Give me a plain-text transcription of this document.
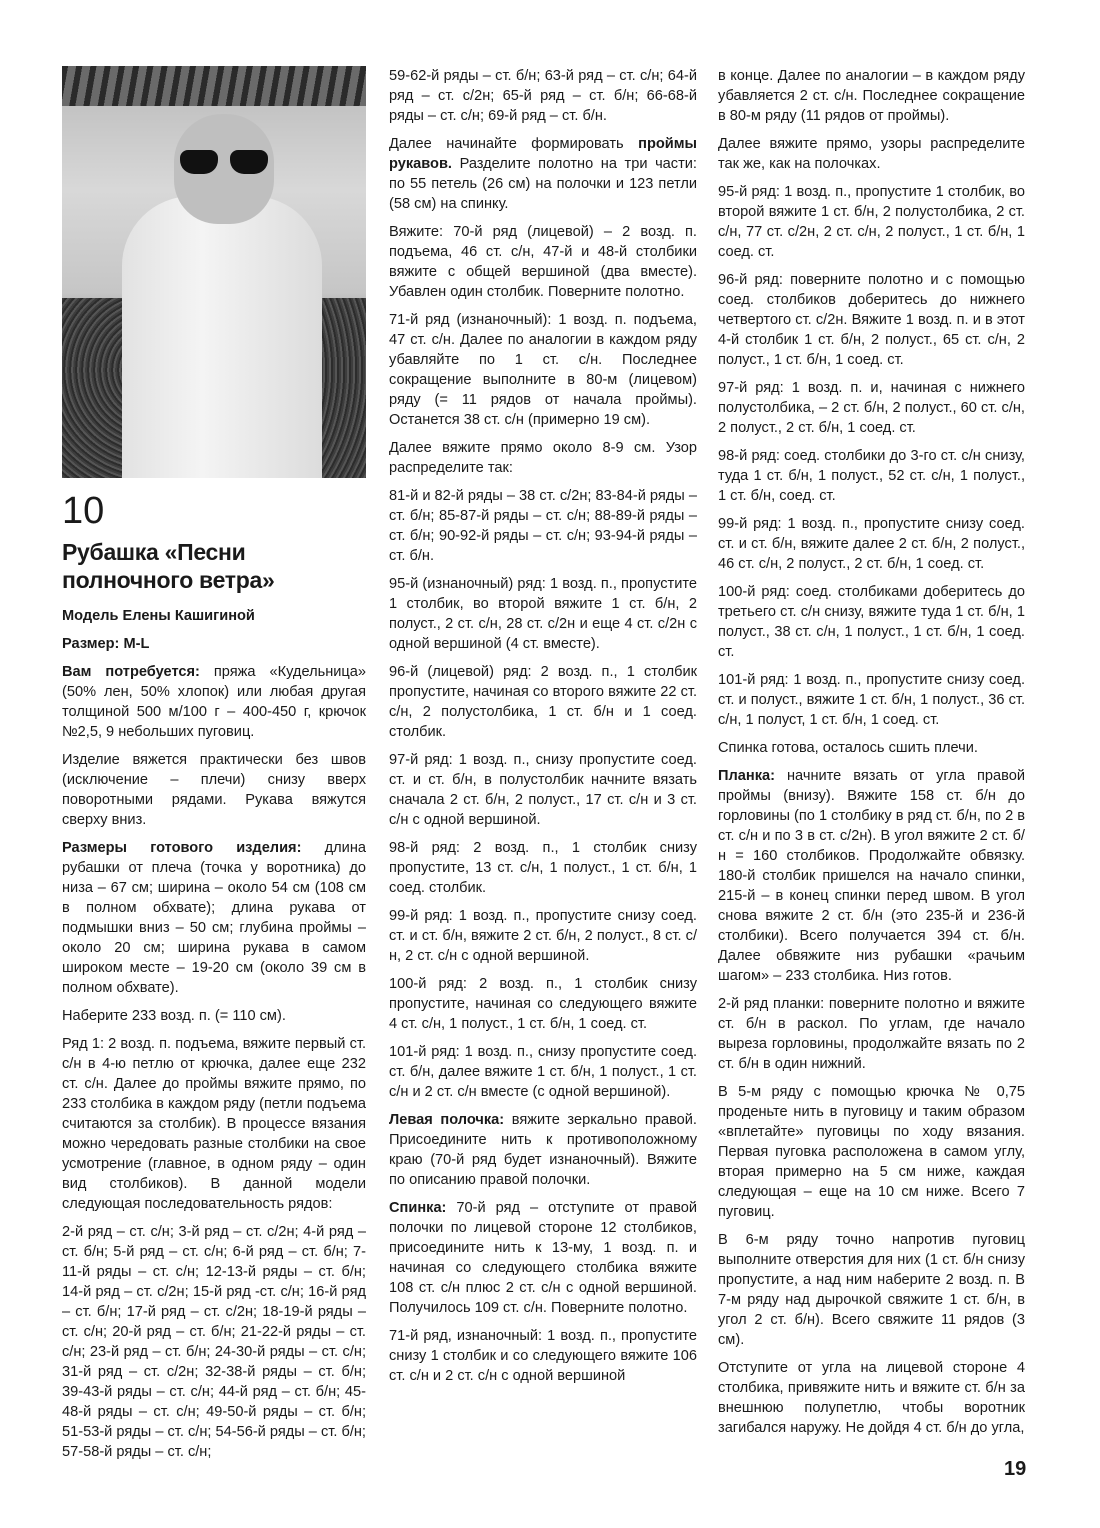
10
Рубашка «Песни
полночного ветра»

Модель Елены Кашигиной

Размер: M-L

Вам потребуется: пряжа «Кудельница» (50% лен, 50% хлопок) или любая другая толщиной 500 м/100 г – 400-450 г, крючок №2,5, 9 небольших пуговиц.

Изделие вяжется практически без швов (исключение – плечи) снизу вверх поворотными рядами. Рукава вяжутся сверху вниз.

Размеры готового изделия: длина рубашки от плеча (точка у воротника) до низа – 67 см; ширина – около 54 см (108 см в полном обхвате); длина рукава от подмышки вниз – 50 см; глубина проймы – около 20 см; ширина рукава в самом широком месте – 19-20 см (около 39 см в полном обхвате).

Наберите 233 возд. п. (= 110 см).

Ряд 1: 2 возд. п. подъема, вяжите первый ст. с/н в 4-ю петлю от крючка, далее еще 232 ст. с/н. Далее до проймы вяжите прямо, по 233 столбика в каждом ряду (петли подъема считаются за столбик). В процессе вязания можно чередовать разные столбики на свое усмотрение (главное, в одном ряду – один вид столбиков). В данной модели следующая последовательность рядов:

2-й ряд – ст. с/н; 3-й ряд – ст. с/2н; 4-й ряд – ст. б/н; 5-й ряд – ст. с/н; 6-й ряд – ст. б/н; 7-11-й ряды – ст. с/н; 12-13-й ряды – ст. б/н; 14-й ряд – ст. с/2н; 15-й ряд -ст. с/н; 16-й ряд – ст. б/н; 17-й ряд – ст. с/2н; 18-19-й ряды – ст. с/н; 20-й ряд – ст. б/н; 21-22-й ряды – ст. с/н; 23-й ряд – ст. б/н; 24-30-й ряды – ст. с/н; 31-й ряд – ст. с/2н; 32-38-й ряды – ст. б/н; 39-43-й ряды – ст. с/н; 44-й ряд – ст. б/н; 45-48-й ряды – ст. с/н; 49-50-й ряды – ст. б/н; 51-53-й ряды – ст. с/н; 54-56-й ряды – ст. б/н; 57-58-й ряды – ст. с/н;

59-62-й ряды – ст. б/н; 63-й ряд – ст. с/н; 64-й ряд – ст. с/2н; 65-й ряд – ст. б/н; 66-68-й ряды – ст. с/н; 69-й ряд – ст. б/н.

Далее начинайте формировать проймы рукавов. Разделите полотно на три части: по 55 петель (26 см) на полочки и 123 петли (58 см) на спинку.

Вяжите: 70-й ряд (лицевой) – 2 возд. п. подъема, 46 ст. с/н, 47-й и 48-й столбики вяжите с общей вершиной (два вместе). Убавлен один столбик. Поверните полотно.

71-й ряд (изнаночный): 1 возд. п. подъема, 47 ст. с/н. Далее по аналогии в каждом ряду убавляйте по 1 ст. с/н. Последнее сокращение выполните в 80-м (лицевом) ряду (= 11 рядов от начала проймы). Останется 38 ст. с/н (примерно 19 см).

Далее вяжите прямо около 8-9 см. Узор распределите так:

81-й и 82-й ряды – 38 ст. с/2н; 83-84-й ряды – ст. б/н; 85-87-й ряды – ст. с/н; 88-89-й ряды – ст. б/н; 90-92-й ряды – ст. с/н; 93-94-й ряды – ст. б/н.

95-й (изнаночный) ряд: 1 возд. п., пропустите 1 столбик, во второй вяжите 1 ст. б/н, 2 полуст., 2 ст. с/н, 28 ст. с/2н и еще 4 ст. с/2н с одной вершиной (4 ст. вместе).

96-й (лицевой) ряд: 2 возд. п., 1 столбик пропустите, начиная со второго вяжите 22 ст. с/н, 2 полустолбика, 1 ст. б/н и 1 соед. столбик.

97-й ряд: 1 возд. п., снизу пропустите соед. ст. и ст. б/н, в полустолбик начните вязать сначала 2 ст. б/н, 2 полуст., 17 ст. с/н и 3 ст. с/н с одной вершиной.

98-й ряд: 2 возд. п., 1 столбик снизу пропустите, 13 ст. с/н, 1 полуст., 1 ст. б/н, 1 соед. столбик.

99-й ряд: 1 возд. п., пропустите снизу соед. ст. и ст. б/н, вяжите 2 ст. б/н, 2 полуст., 8 ст. с/н, 2 ст. с/н с одной вершиной.

100-й ряд: 2 возд. п., 1 столбик снизу пропустите, начиная со следующего вяжите 4 ст. с/н, 1 полуст., 1 ст. б/н, 1 соед. ст.

101-й ряд: 1 возд. п., снизу пропустите соед. ст. б/н, далее вяжите 1 ст. б/н, 1 полуст., 1 ст. с/н и 2 ст. с/н вместе (с одной вершиной).

Левая полочка: вяжите зеркально правой. Присоедините нить к противоположному краю (70-й ряд будет изнаночный). Вяжите по описанию правой полочки.

Спинка: 70-й ряд – отступите от правой полочки по лицевой стороне 12 столбиков, присоедините нить к 13-му, 1 возд. п. и начиная со следующего столбика вяжите 108 ст. с/н плюс 2 ст. с/н с одной вершиной. Получилось 109 ст. с/н. Поверните полотно.

71-й ряд, изнаночный: 1 возд. п., пропустите снизу 1 столбик и со следующего вяжите 106 ст. с/н и 2 ст. с/н с одной вершиной

в конце. Далее по аналогии – в каждом ряду убавляется 2 ст. с/н. Последнее сокращение в 80-м ряду (11 рядов от проймы).

Далее вяжите прямо, узоры распределите так же, как на полочках.

95-й ряд: 1 возд. п., пропустите 1 столбик, во второй вяжите 1 ст. б/н, 2 полустолбика, 2 ст. с/н, 77 ст. с/2н, 2 ст. с/н, 2 полуст., 1 ст. б/н, 1 соед. ст.

96-й ряд: поверните полотно и с помощью соед. столбиков доберитесь до нижнего четвертого ст. с/2н. Вяжите 1 возд. п. и в этот 4-й столбик 1 ст. б/н, 2 полуст., 65 ст. с/н, 2 полуст., 1 ст. б/н, 1 соед. ст.

97-й ряд: 1 возд. п. и, начиная с нижнего полустолбика, – 2 ст. б/н, 2 полуст., 60 ст. с/н, 2 полуст., 2 ст. б/н, 1 соед. ст.

98-й ряд: соед. столбики до 3-го ст. с/н снизу, туда 1 ст. б/н, 1 полуст., 52 ст. с/н, 1 полуст., 1 ст. б/н, соед. ст.

99-й ряд: 1 возд. п., пропустите снизу соед. ст. и ст. б/н, вяжите далее 2 ст. б/н, 2 полуст., 46 ст. с/н, 2 полуст., 2 ст. б/н, 1 соед. ст.

100-й ряд: соед. столбиками доберитесь до третьего ст. с/н снизу, вяжите туда 1 ст. б/н, 1 полуст., 38 ст. с/н, 1 полуст., 1 ст. б/н, 1 соед. ст.

101-й ряд: 1 возд. п., пропустите снизу соед. ст. и полуст., вяжите 1 ст. б/н, 1 полуст., 36 ст. с/н, 1 полуст, 1 ст. б/н, 1 соед. ст.

Спинка готова, осталось сшить плечи.

Планка: начните вязать от угла правой проймы (внизу). Вяжите 158 ст. б/н до горловины (по 1 столбику в ряд ст. б/н, по 2 в ст. с/н и по 3 в ст. с/2н). В угол вяжите 2 ст. б/н = 160 столбиков. Продолжайте обвязку. 180-й столбик пришелся на начало спинки, 215-й – в конец спинки перед швом. В угол снова вяжите 2 ст. б/н (это 235-й и 236-й столбики). Всего получается 394 ст. б/н. Далее обвяжите низ рубашки «рачьим шагом» – 233 столбика. Низ готов.

2-й ряд планки: поверните полотно и вяжите ст. б/н в раскол. По углам, где начало выреза горловины, продолжайте вязать по 2 ст. б/н в один нижний.

В 5-м ряду с помощью крючка № 0,75 проденьте нить в пуговицу и таким образом «вплетайте» пуговицы по ходу вязания. Первая пуговка расположена в самом углу, вторая примерно на 5 см ниже, каждая следующая – еще на 10 см ниже. Всего 7 пуговиц.

В 6-м ряду точно напротив пуговиц выполните отверстия для них (1 ст. б/н снизу пропустите, а над ним наберите 2 возд. п. В 7-м ряду над дырочкой свяжите 1 ст. б/н, в угол 2 ст. б/н). Всего свяжите 11 рядов (3 см).

Отступите от угла на лицевой стороне 4 столбика, привяжите нить и вяжите ст. б/н за внешнюю полупетлю, чтобы воротник загибался наружу. Не дойдя 4 ст. б/н до угла,

19
